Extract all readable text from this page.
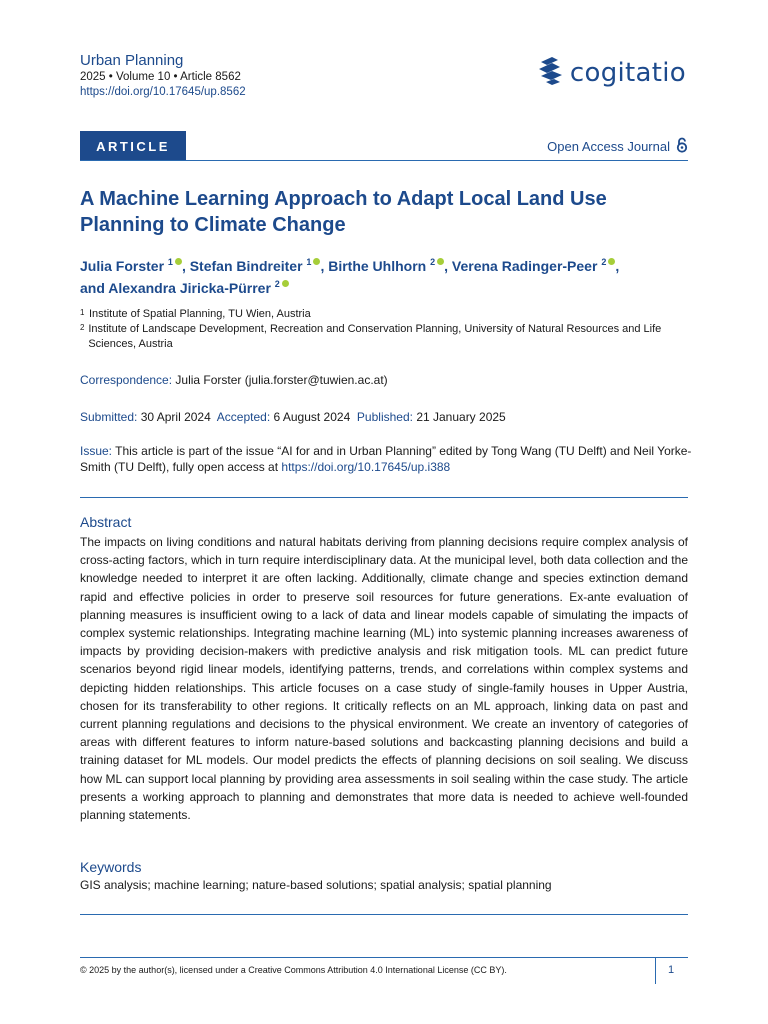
Urban Planning
2025 • Volume 10 • Article 8562
https://doi.org/10.17645/up.8562
cogitatio
ARTICLE	Open Access Journal
A Machine Learning Approach to Adapt Local Land Use Planning to Climate Change
Julia Forster $^1$ , Stefan Bindreiter $^1$ , Birthe Uhlhorn $^2$ , Verena Radinger-Peer $^2$ ,
and Alexandra Jiricka-Pürrer $^2$
1 Institute of Spatial Planning, TU Wien, Austria
2 Institute of Landscape Development, Recreation and Conservation Planning, University of Natural Resources and Life Sciences, Austria
Correspondence: Julia Forster (julia.forster@tuwien.ac.at)
Submitted: 30 April 2024 Accepted: 6 August 2024 Published: 21 January 2025
Issue: This article is part of the issue “AI for and in Urban Planning” edited by Tong Wang (TU Delft) and Neil Yorke-Smith (TU Delft), fully open access at https://doi.org/10.17645/up.i388
Abstract

The impacts on living conditions and natural habitats deriving from planning decisions require complex analysis of cross-acting factors, which in turn require interdisciplinary data. At the municipal level, both data collection and the knowledge needed to interpret it are often lacking. Additionally, climate change and species extinction demand rapid and effective policies in order to preserve soil resources for future generations. Ex-ante evaluation of planning measures is insufficient owing to a lack of data and linear models capable of simulating the impacts of complex systemic relationships. Integrating machine learning (ML) into systemic planning increases awareness of impacts by providing decision-makers with predictive analysis and risk mitigation tools. ML can predict future scenarios beyond rigid linear models, identifying patterns, trends, and correlations within complex systems and depicting hidden relationships. This article focuses on a case study of single-family houses in Upper Austria, chosen for its transferability to other regions. It critically reflects on an ML approach, linking data on past and current planning regulations and decisions to the physical environment. We create an inventory of categories of areas with different features to inform nature-based solutions and backcasting planning decisions and build a training dataset for ML models. Our model predicts the effects of planning decisions on soil sealing. We discuss how ML can support local planning by providing area assessments in soil sealing within the case study. The article presents a working approach to planning and demonstrates that more data is needed to achieve well-founded planning statements.

Keywords
GIS analysis; machine learning; nature-based solutions; spatial analysis; spatial planning
© 2025 by the author(s), licensed under a Creative Commons Attribution 4.0 International License (CC BY).	1
